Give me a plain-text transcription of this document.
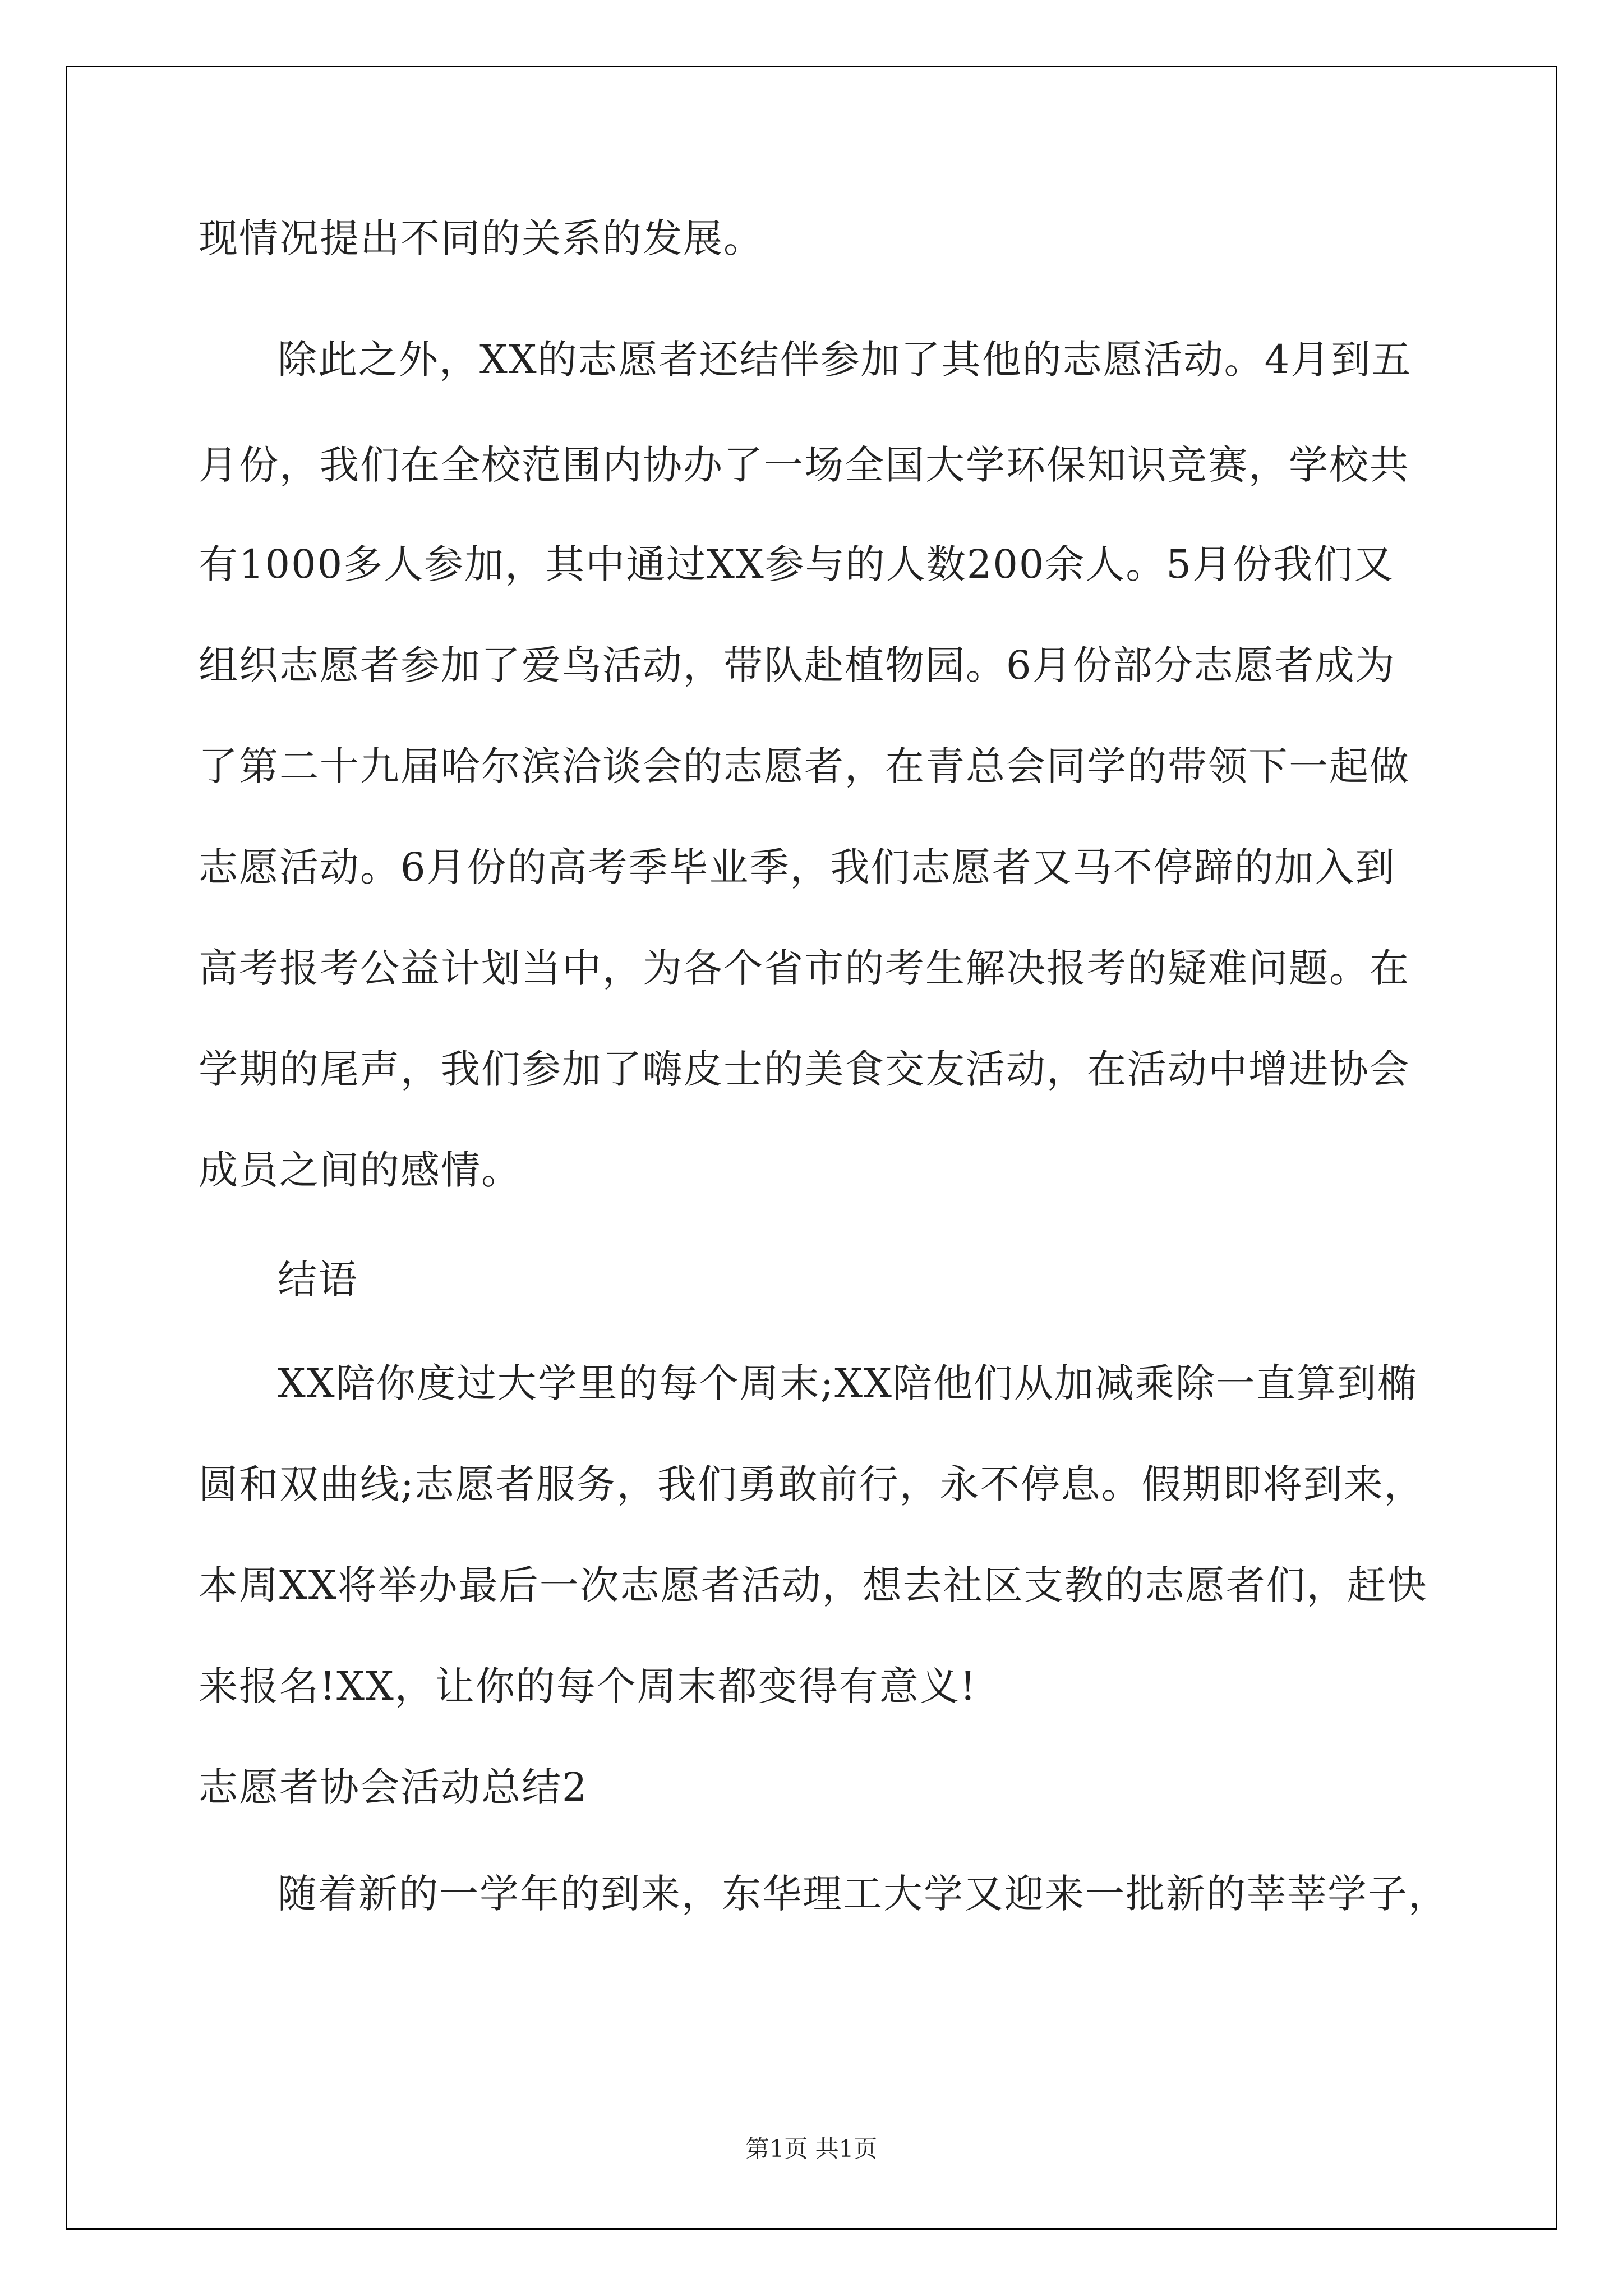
现情况提出不同的关系的发展。
除此之外，XX的志愿者还结伴参加了其他的志愿活动。4月到五
月份，我们在全校范围内协办了一场全国大学环保知识竞赛，学校共
有1000多人参加，其中通过XX参与的人数200余人。5月份我们又
组织志愿者参加了爱鸟活动，带队赴植物园。6月份部分志愿者成为
了第二十九届哈尔滨洽谈会的志愿者，在青总会同学的带领下一起做
志愿活动。6月份的高考季毕业季，我们志愿者又马不停蹄的加入到
高考报考公益计划当中，为各个省市的考生解决报考的疑难问题。在
学期的尾声，我们参加了嗨皮士的美食交友活动，在活动中增进协会
成员之间的感情。
结语
XX陪你度过大学里的每个周末;XX陪他们从加减乘除一直算到椭
圆和双曲线;志愿者服务，我们勇敢前行，永不停息。假期即将到来，
本周XX将举办最后一次志愿者活动，想去社区支教的志愿者们，赶快
来报名!XX，让你的每个周末都变得有意义!
志愿者协会活动总结2
随着新的一学年的到来，东华理工大学又迎来一批新的莘莘学子，
第1页 共1页
